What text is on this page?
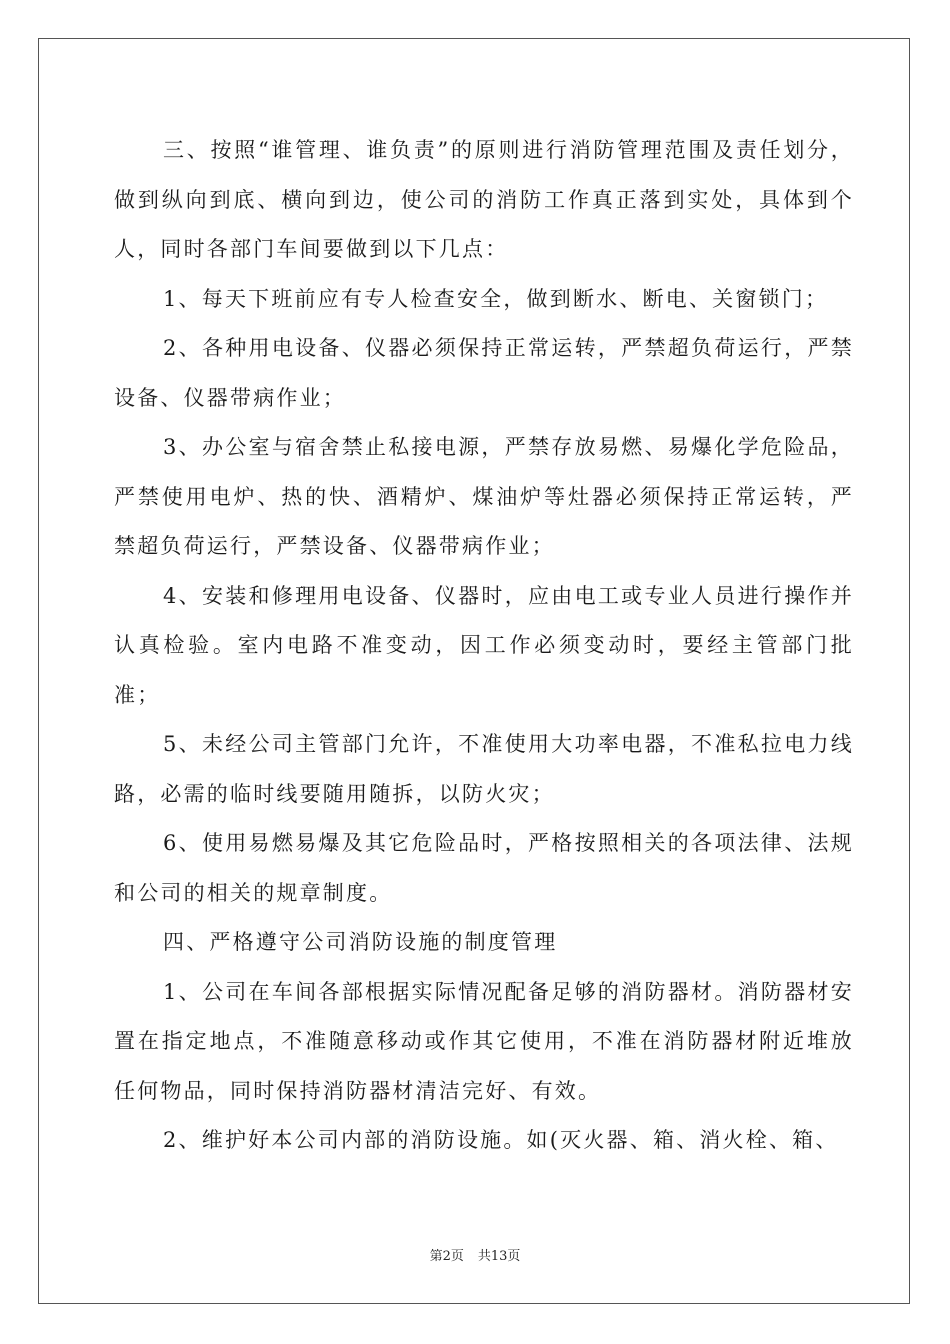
三、按照“谁管理、谁负责”的原则进行消防管理范围及责任划分，做到纵向到底、横向到边，使公司的消防工作真正落到实处，具体到个人，同时各部门车间要做到以下几点：

1、每天下班前应有专人检查安全，做到断水、断电、关窗锁门；

2、各种用电设备、仪器必须保持正常运转，严禁超负荷运行，严禁设备、仪器带病作业；

3、办公室与宿舍禁止私接电源，严禁存放易燃、易爆化学危险品，严禁使用电炉、热的快、酒精炉、煤油炉等灶器必须保持正常运转，严禁超负荷运行，严禁设备、仪器带病作业；

4、安装和修理用电设备、仪器时，应由电工或专业人员进行操作并认真检验。室内电路不准变动，因工作必须变动时，要经主管部门批准；

5、未经公司主管部门允许，不准使用大功率电器，不准私拉电力线路，必需的临时线要随用随拆，以防火灾；

6、使用易燃易爆及其它危险品时，严格按照相关的各项法律、法规和公司的相关的规章制度。

四、严格遵守公司消防设施的制度管理

1、公司在车间各部根据实际情况配备足够的消防器材。消防器材安置在指定地点，不准随意移动或作其它使用，不准在消防器材附近堆放任何物品，同时保持消防器材清洁完好、有效。

2、维护好本公司内部的消防设施。如(灭火器、箱、消火栓、箱、

第2页 共13页
